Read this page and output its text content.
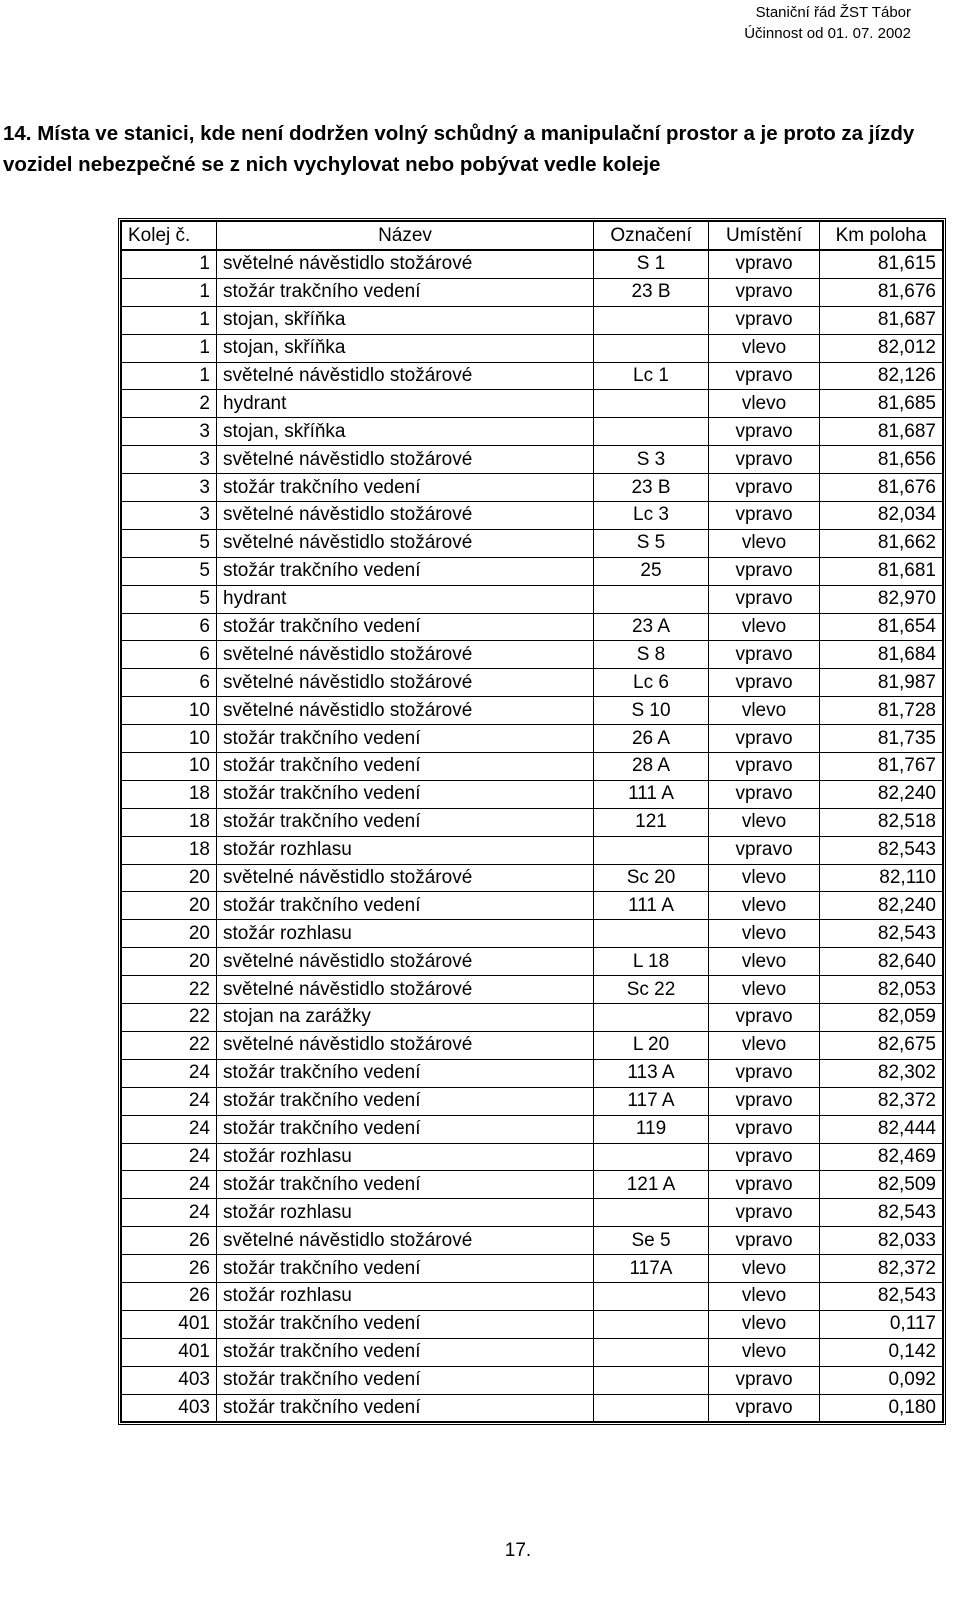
Staniční řád ŽST Tábor
Účinnost od 01. 07. 2002
14. Místa ve stanici, kde není dodržen volný schůdný a manipulační prostor a je proto za jízdy vozidel nebezpečné se z nich vychylovat nebo pobývat vedle koleje
Kolej č.	Název	Označení	Umístění	Km poloha
1	světelné návěstidlo stožárové	S 1	vpravo	81,615
1	stožár trakčního vedení	23 B	vpravo	81,676
1	stojan, skříňka		vpravo	81,687
1	stojan, skříňka		vlevo	82,012
1	světelné návěstidlo stožárové	Lc 1	vpravo	82,126
2	hydrant		vlevo	81,685
3	stojan, skříňka		vpravo	81,687
3	světelné návěstidlo stožárové	S 3	vpravo	81,656
3	stožár trakčního vedení	23 B	vpravo	81,676
3	světelné návěstidlo stožárové	Lc 3	vpravo	82,034
5	světelné návěstidlo stožárové	S 5	vlevo	81,662
5	stožár trakčního vedení	25	vpravo	81,681
5	hydrant		vpravo	82,970
6	stožár trakčního vedení	23 A	vlevo	81,654
6	světelné návěstidlo stožárové	S 8	vpravo	81,684
6	světelné návěstidlo stožárové	Lc 6	vpravo	81,987
10	světelné návěstidlo stožárové	S 10	vlevo	81,728
10	stožár trakčního vedení	26 A	vpravo	81,735
10	stožár trakčního vedení	28 A	vpravo	81,767
18	stožár trakčního vedení	111 A	vpravo	82,240
18	stožár trakčního vedení	121	vlevo	82,518
18	stožár rozhlasu		vpravo	82,543
20	světelné návěstidlo stožárové	Sc 20	vlevo	82,110
20	stožár trakčního vedení	111 A	vlevo	82,240
20	stožár rozhlasu		vlevo	82,543
20	světelné návěstidlo stožárové	L 18	vlevo	82,640
22	světelné návěstidlo stožárové	Sc 22	vlevo	82,053
22	stojan na zarážky		vpravo	82,059
22	světelné návěstidlo stožárové	L 20	vlevo	82,675
24	stožár trakčního vedení	113 A	vpravo	82,302
24	stožár trakčního vedení	117 A	vpravo	82,372
24	stožár trakčního vedení	119	vpravo	82,444
24	stožár rozhlasu		vpravo	82,469
24	stožár trakčního vedení	121 A	vpravo	82,509
24	stožár rozhlasu		vpravo	82,543
26	světelné návěstidlo stožárové	Se 5	vpravo	82,033
26	stožár trakčního vedení	117A	vlevo	82,372
26	stožár rozhlasu		vlevo	82,543
401	stožár trakčního vedení		vlevo	0,117
401	stožár trakčního vedení		vlevo	0,142
403	stožár trakčního vedení		vpravo	0,092
403	stožár trakčního vedení		vpravo	0,180
17.
